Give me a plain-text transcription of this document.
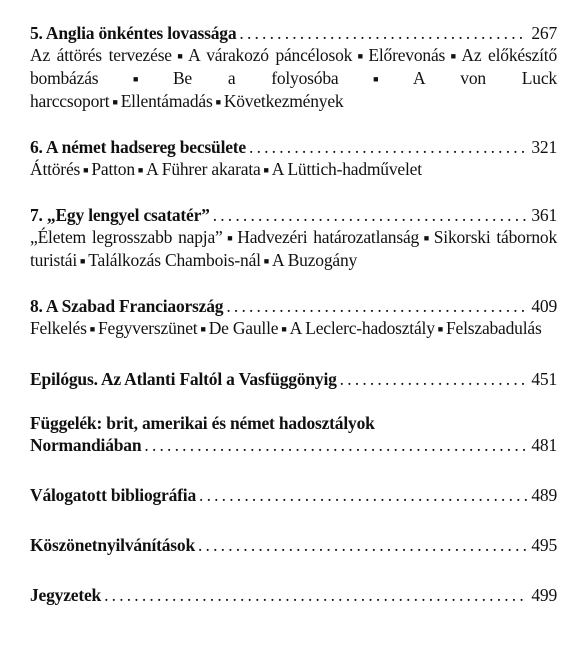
5. Anglia önkéntes lovassága . . .	267
Az áttörés tervezése ■ A várakozó páncélosok ■ Előrevonás ■ Az előkészítő bombázás ■ Be a folyosóba ■ A von Luck harccsoport ■ Ellentámadás ■ Következmények
6. A német hadsereg becsülete . . .	321
Áttörés ■ Patton ■ A Führer akarata ■ A Lüttich-hadművelet
7. „Egy lengyel csatatér” . . .	361
„Életem legrosszabb napja” ■ Hadvezéri határozatlanság ■ Sikorski tábornok turistái ■ Találkozás Chambois-nál ■ A Buzogány
8. A Szabad Franciaország . . .	409
Felkelés ■ Fegyverszünet ■ De Gaulle ■ A Leclerc-hadosztály ■ Felszabadulás
Epilógus. Az Atlanti Faltól a Vasfüggönyig . . .	451
Függelék: brit, amerikai és német hadosztályok
Normandiában . . .	481
Válogatott bibliográfia . . .	489
Köszönetnyilvánítások . . .	495
Jegyzetek . . .	499
